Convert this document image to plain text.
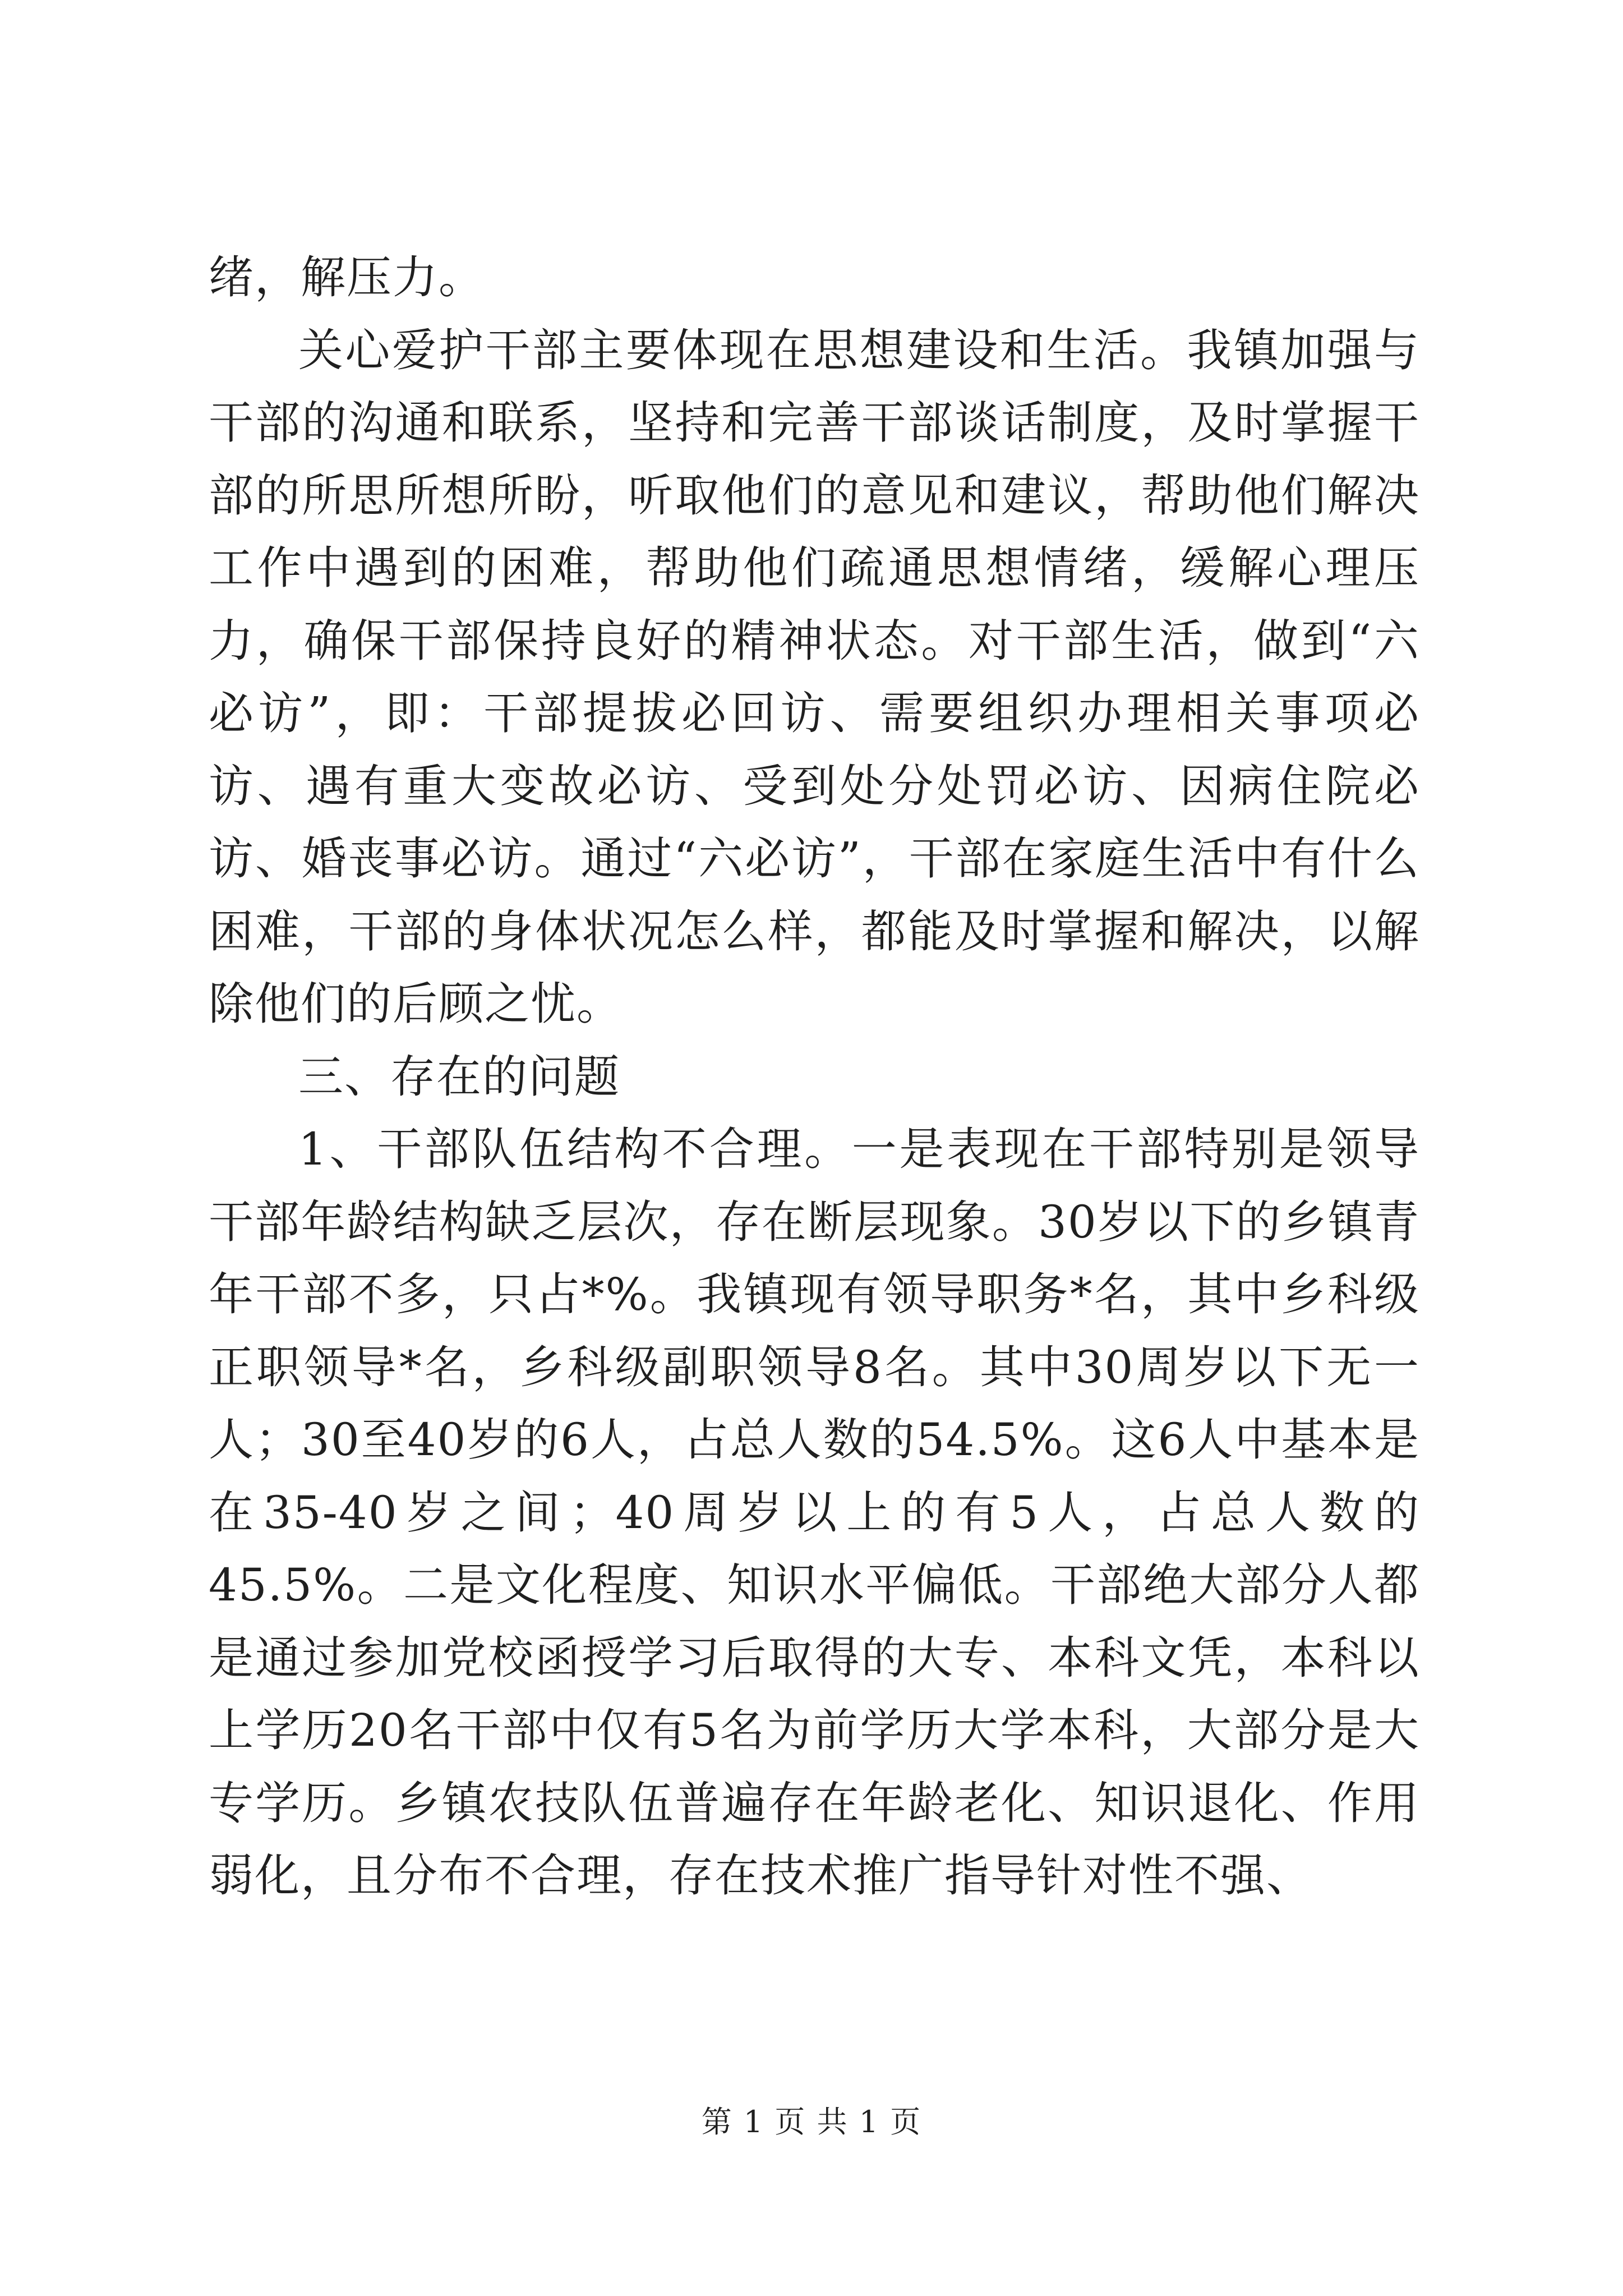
绪，解压力。

关心爱护干部主要体现在思想建设和生活。我镇加强与干部的沟通和联系，坚持和完善干部谈话制度，及时掌握干部的所思所想所盼，听取他们的意见和建议，帮助他们解决工作中遇到的困难，帮助他们疏通思想情绪，缓解心理压力，确保干部保持良好的精神状态。对干部生活，做到“六必访”，即：干部提拔必回访、需要组织办理相关事项必访、遇有重大变故必访、受到处分处罚必访、因病住院必访、婚丧事必访。通过“六必访”，干部在家庭生活中有什么困难，干部的身体状况怎么样，都能及时掌握和解决，以解除他们的后顾之忧。

三、存在的问题

1、干部队伍结构不合理。一是表现在干部特别是领导干部年龄结构缺乏层次，存在断层现象。30岁以下的乡镇青年干部不多，只占*%。我镇现有领导职务*名，其中乡科级正职领导*名，乡科级副职领导8名。其中30周岁以下无一人；30至40岁的6人，占总人数的54.5%。这6人中基本是在35-40岁之间；40周岁以上的有5人，占总人数的45.5%。二是文化程度、知识水平偏低。干部绝大部分人都是通过参加党校函授学习后取得的大专、本科文凭，本科以上学历20名干部中仅有5名为前学历大学本科，大部分是大专学历。乡镇农技队伍普遍存在年龄老化、知识退化、作用弱化，且分布不合理，存在技术推广指导针对性不强、

第 1 页 共 1 页
